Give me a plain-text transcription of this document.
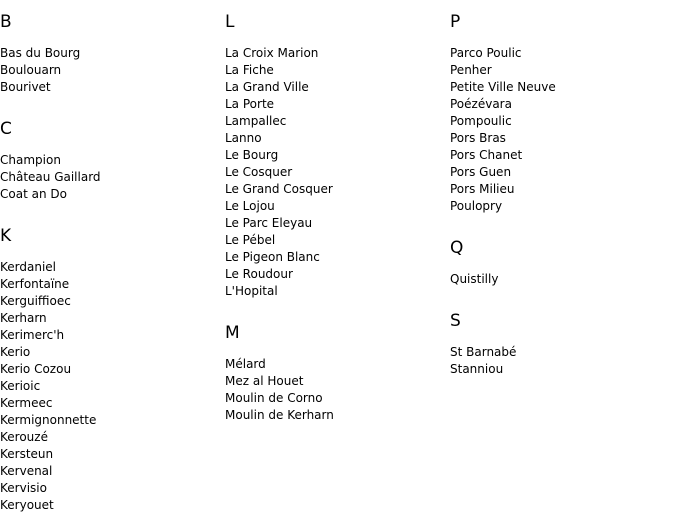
B
Bas du Bourg
Boulouarn
Bourivet
C
Champion
Château Gaillard
Coat an Do
K
Kerdaniel
Kerfontaïne
Kerguiffioec
Kerharn
Kerimerc'h
Kerio
Kerio Cozou
Kerioic
Kermeec
Kermignonnette
Kerouzé
Kersteun
Kervenal
Kervisio
Keryouet
L
La Croix Marion
La Fiche
La Grand Ville
La Porte
Lampallec
Lanno
Le Bourg
Le Cosquer
Le Grand Cosquer
Le Lojou
Le Parc Eleyau
Le Pébel
Le Pigeon Blanc
Le Roudour
L'Hopital
M
Mélard
Mez al Houet
Moulin de Corno
Moulin de Kerharn
P
Parco Poulic
Penher
Petite Ville Neuve
Poézévara
Pompoulic
Pors Bras
Pors Chanet
Pors Guen
Pors Milieu
Poulopry
Q
Quistilly
S
St Barnabé
Stanniou
